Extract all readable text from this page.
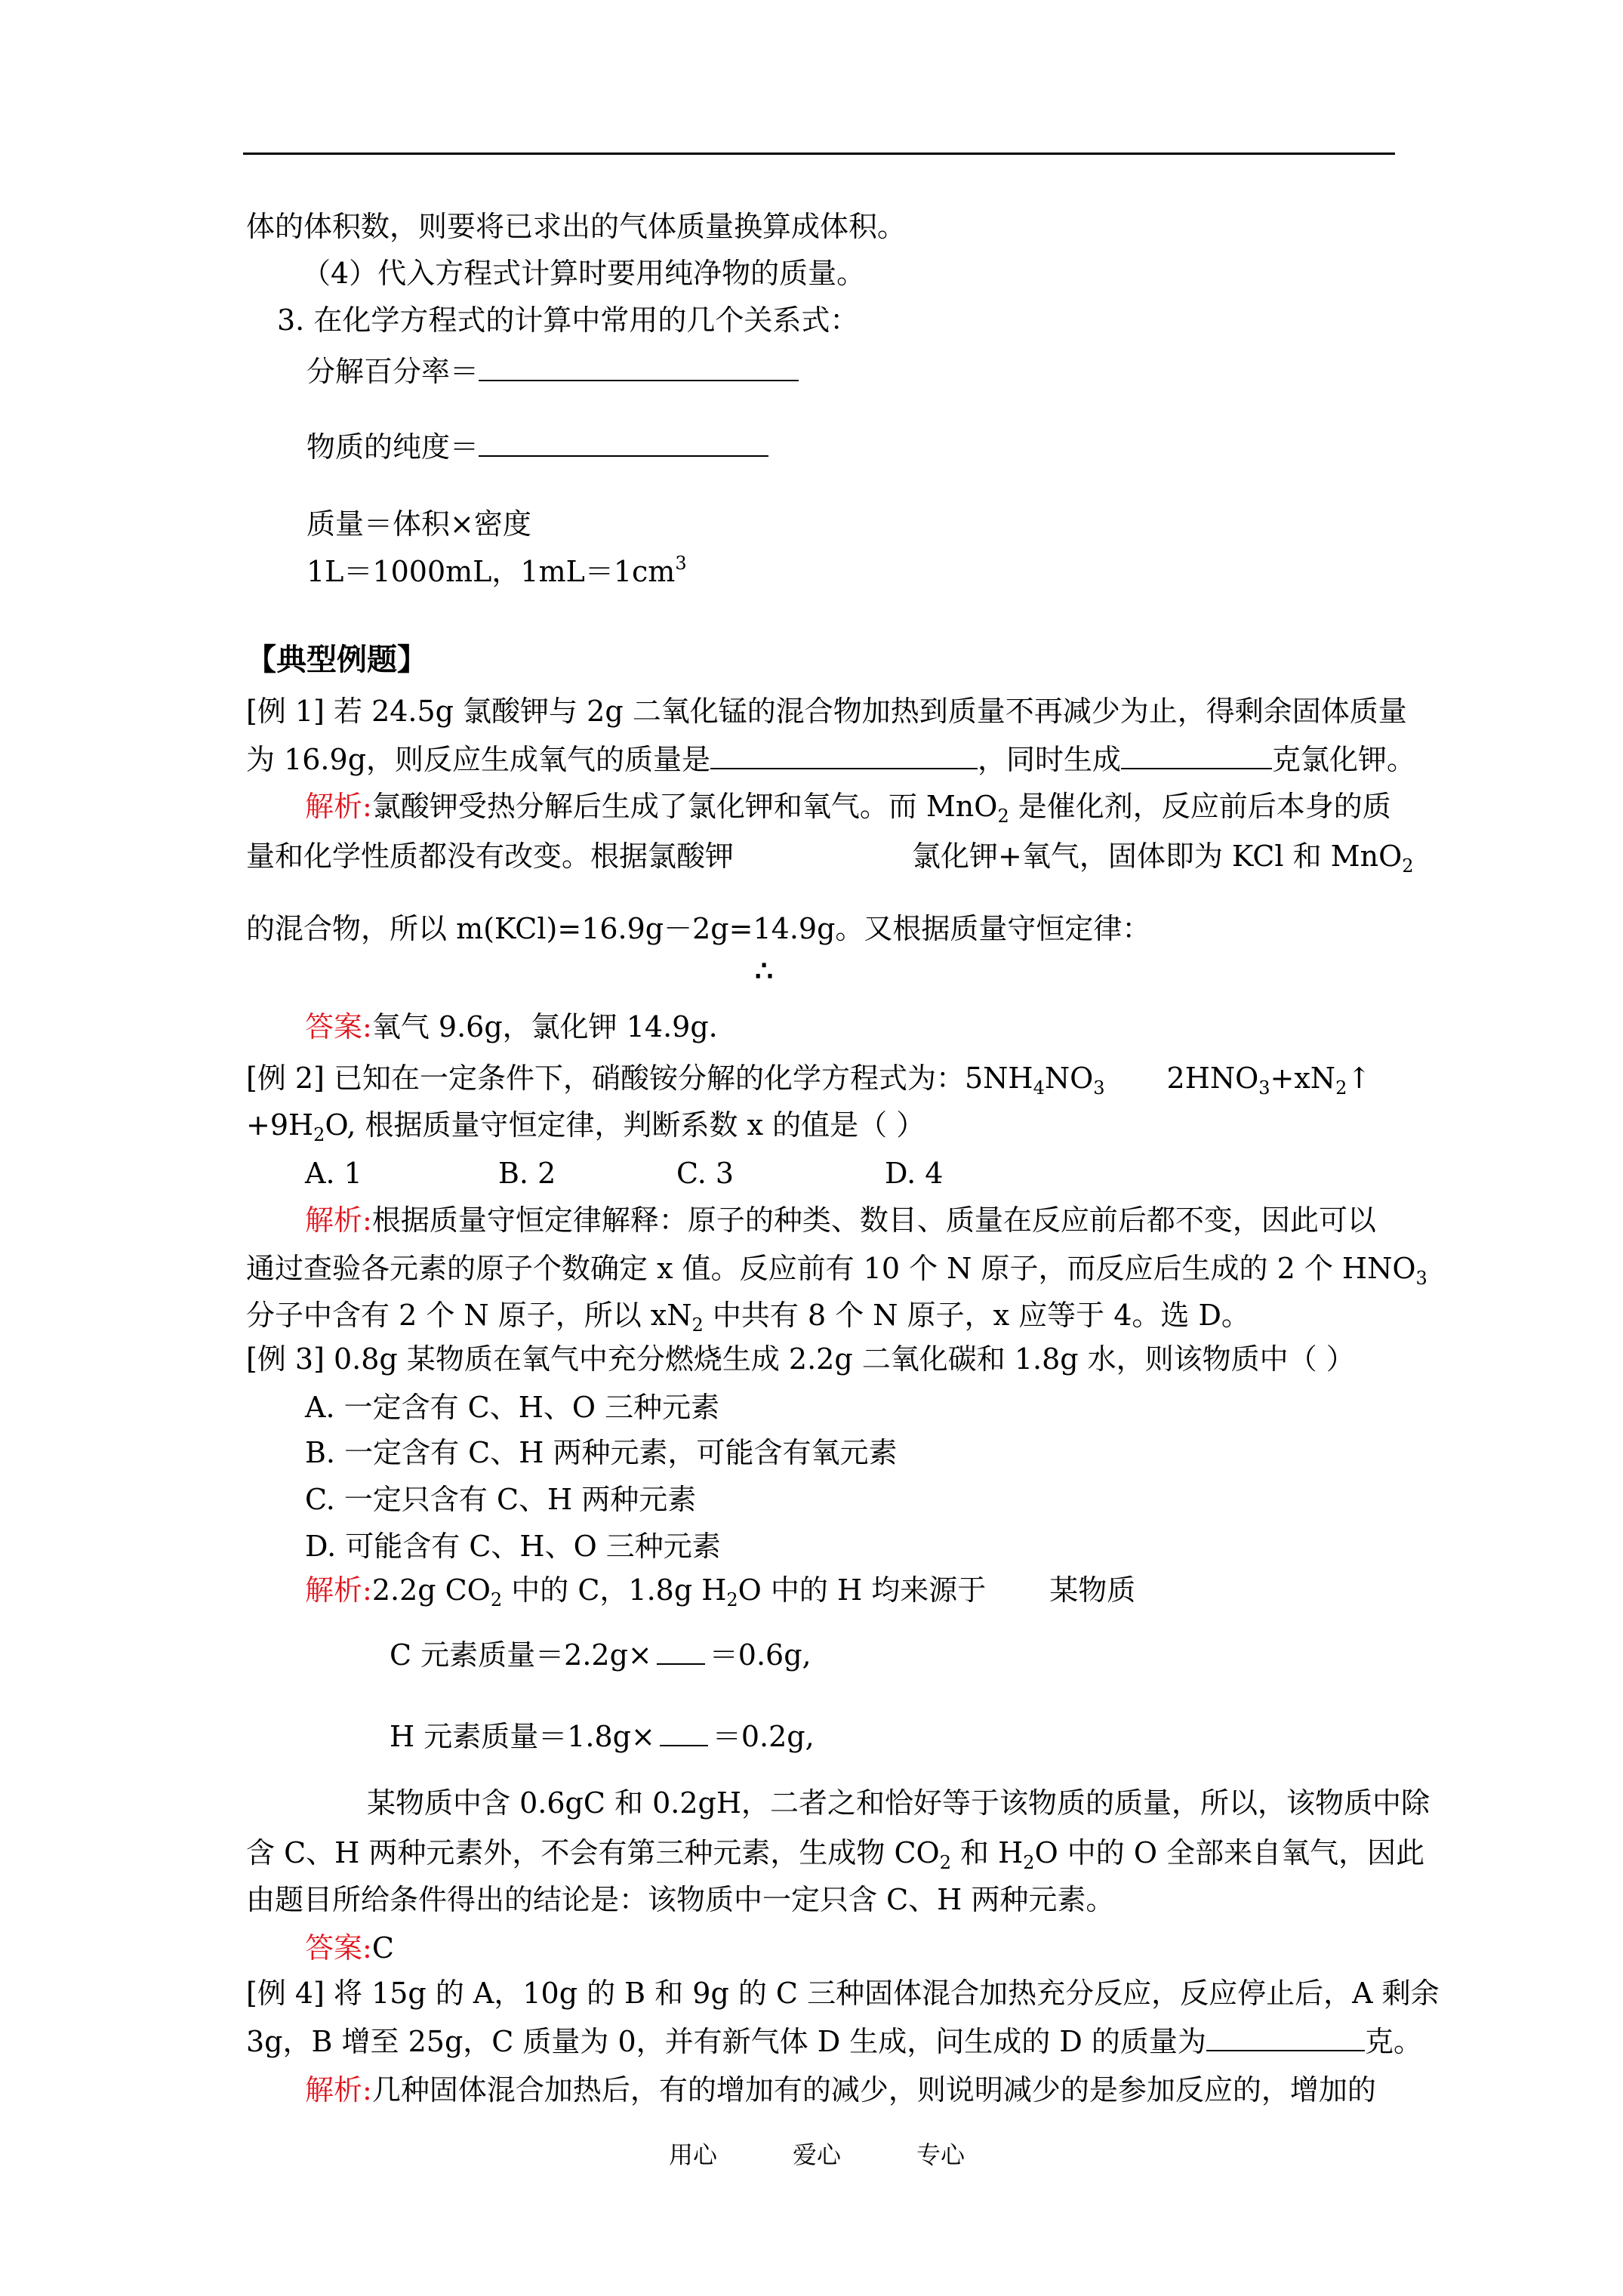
体的体积数，则要将已求出的气体质量换算成体积。
（4）代入方程式计算时要用纯净物的质量。
3. 在化学方程式的计算中常用的几个关系式：
分解百分率＝
物质的纯度＝
质量＝体积×密度
1L＝1000mL，$1mL=1cm^3$
【典型例题】
[例 1] 若 24.5g 氯酸钾与 2g 二氧化锰的混合物加热到质量不再减少为止，得剩余固体质量
为 16.9g，则反应生成氧气的质量是	，同时生成	克氯化钾。
解析:氯酸钾受热分解后生成了氯化钾和氧气。而 MnO$_2$ 是催化剂，反应前后本身的质
量和化学性质都没有改变。根据氯酸钾	氯化钾+氧气，固体即为 KCl 和 MnO$_2$
的混合物，所以 m(KCl)=16.9g－2g=14.9g。又根据质量守恒定律：
∴
答案:氧气 9.6g，氯化钾 14.9g.
[例 2] 已知在一定条件下，硝酸铵分解的化学方程式为：$5NH_4NO_3$ $2HNO_3+xN_2↑$
$+9H_2O$, 根据质量守恒定律，判断系数 x 的值是（ ）
A. 1	B. 2	C. 3	D. 4
解析:根据质量守恒定律解释：原子的种类、数目、质量在反应前后都不变，因此可以
通过查验各元素的原子个数确定 x 值。反应前有 10 个 N 原子，而反应后生成的 2 个 $HNO_3$
分子中含有 2 个 N 原子，所以 $xN_2$ 中共有 8 个 N 原子，x 应等于 4。选 D。
[例 3] 0.8g 某物质在氧气中充分燃烧生成 2.2g 二氧化碳和 1.8g 水，则该物质中（ ）
A. 一定含有 C、H、O 三种元素
B. 一定含有 C、H 两种元素，可能含有氧元素
C. 一定只含有 C、H 两种元素
D. 可能含有 C、H、O 三种元素
解析:2.2g $CO_2$ 中的 C，1.8g $H_2O$ 中的 H 均来源于 某物质
C 元素质量＝2.2g× ＝0.6g,
H 元素质量＝1.8g× ＝0.2g,
某物质中含 0.6gC 和 0.2gH，二者之和恰好等于该物质的质量，所以，该物质中除
含 C、H 两种元素外，不会有第三种元素，生成物 $CO_2$ 和 $H_2O$ 中的 O 全部来自氧气，因此
由题目所给条件得出的结论是：该物质中一定只含 C、H 两种元素。
答案:C
[例 4] 将 15g 的 A，10g 的 B 和 9g 的 C 三种固体混合加热充分反应，反应停止后，A 剩余
3g，B 增至 25g，C 质量为 0，并有新气体 D 生成，问生成的 D 的质量为	克。
解析:几种固体混合加热后，有的增加有的减少，则说明减少的是参加反应的，增加的
用心	爱心	专心
